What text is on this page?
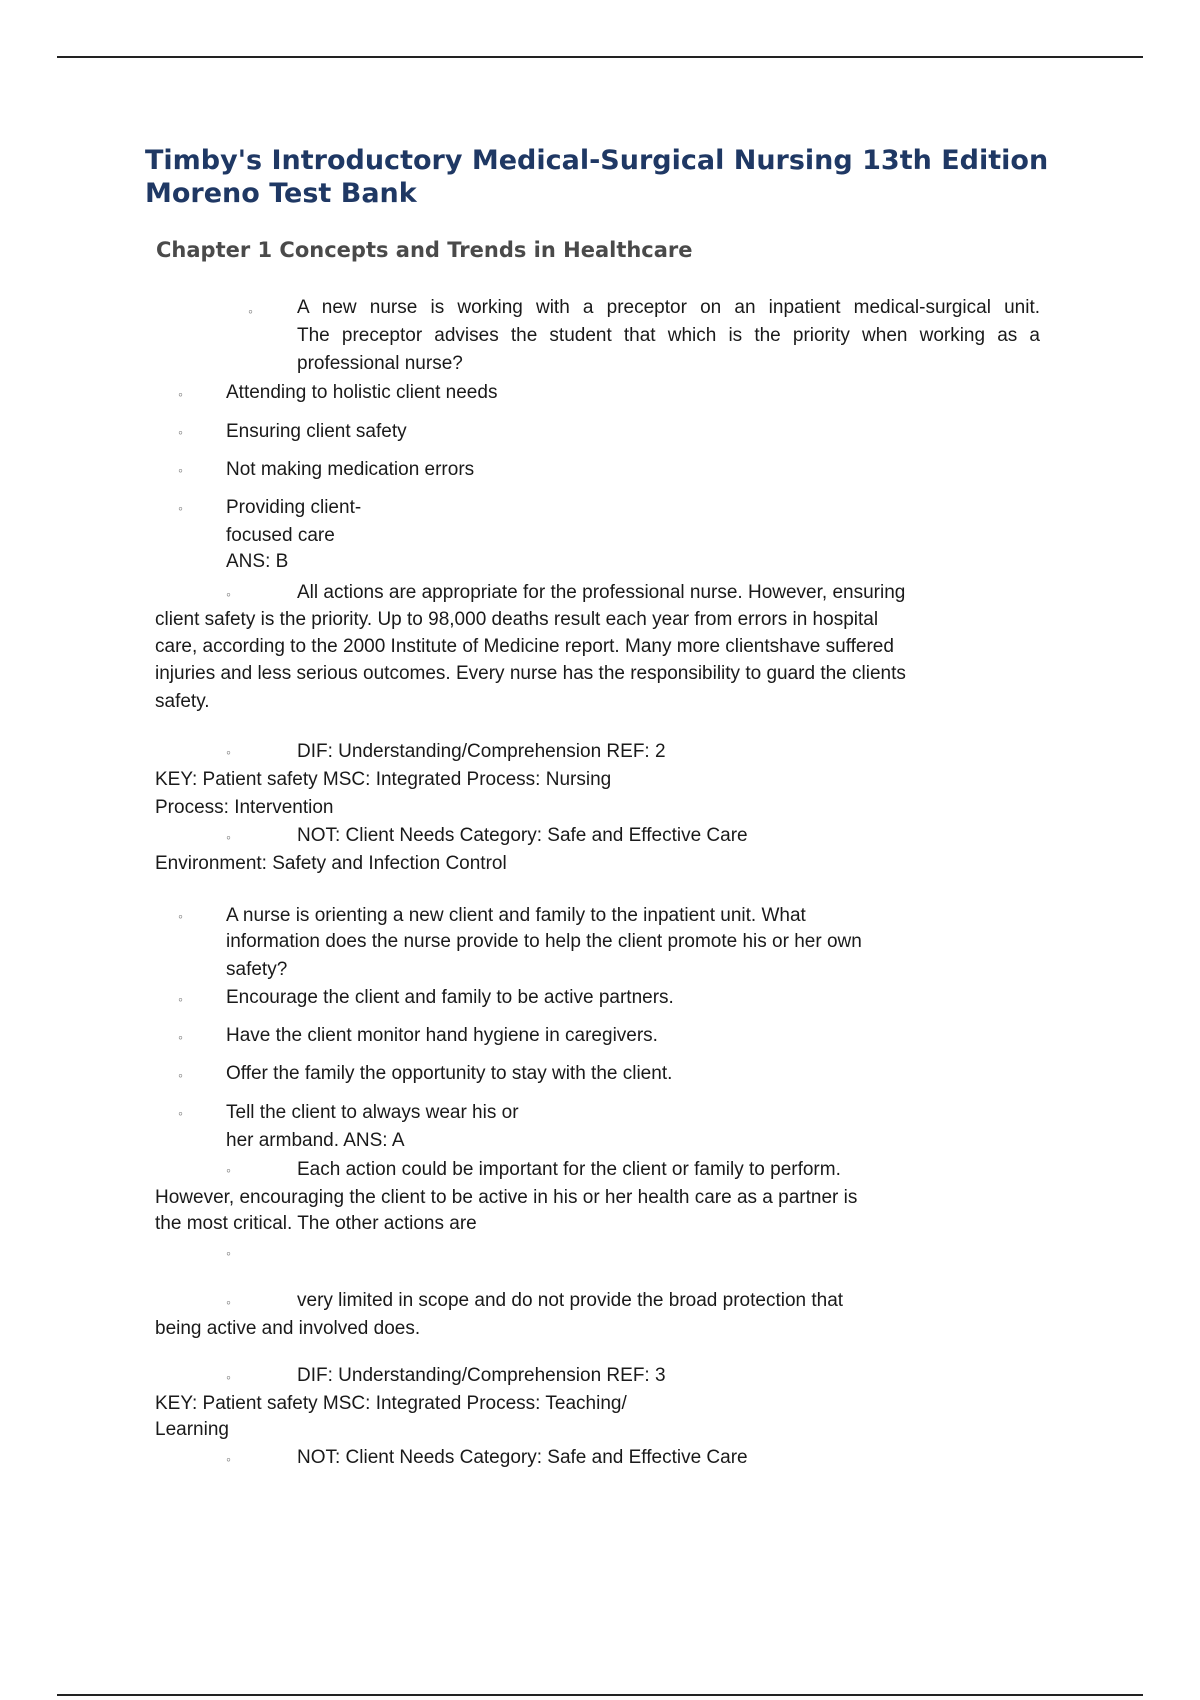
Timby's Introductory Medical-Surgical Nursing 13th Edition Moreno Test Bank
Chapter 1 Concepts and Trends in Healthcare
◦ A new nurse is working with a preceptor on an inpatient medical-surgical unit.

The preceptor advises the student that which is the priority when working as a

professional nurse?

◦ Attending to holistic client needs

◦ Ensuring client safety

◦ Not making medication errors

◦ Providing client-

focused care

ANS: B

◦	All actions are appropriate for the professional nurse. However, ensuring

client safety is the priority. Up to 98,000 deaths result each year from errors in hospital

care, according to the 2000 Institute of Medicine report. Many more clientshave suffered

injuries and less serious outcomes. Every nurse has the responsibility to guard the clients

safety.

◦	DIF: Understanding/Comprehension REF: 2

KEY: Patient safety MSC: Integrated Process: Nursing

Process: Intervention

◦	NOT: Client Needs Category: Safe and Effective Care

Environment: Safety and Infection Control

◦ A nurse is orienting a new client and family to the inpatient unit. What

information does the nurse provide to help the client promote his or her own

safety?

◦ Encourage the client and family to be active partners.

◦ Have the client monitor hand hygiene in caregivers.

◦ Offer the family the opportunity to stay with the client.

◦ Tell the client to always wear his or

her armband. ANS: A

◦	Each action could be important for the client or family to perform.

However, encouraging the client to be active in his or her health care as a partner is

the most critical. The other actions are

◦
◦	very limited in scope and do not provide the broad protection that

being active and involved does.

◦	DIF: Understanding/Comprehension REF: 3

KEY: Patient safety MSC: Integrated Process: Teaching/

Learning

◦	NOT: Client Needs Category: Safe and Effective Care
